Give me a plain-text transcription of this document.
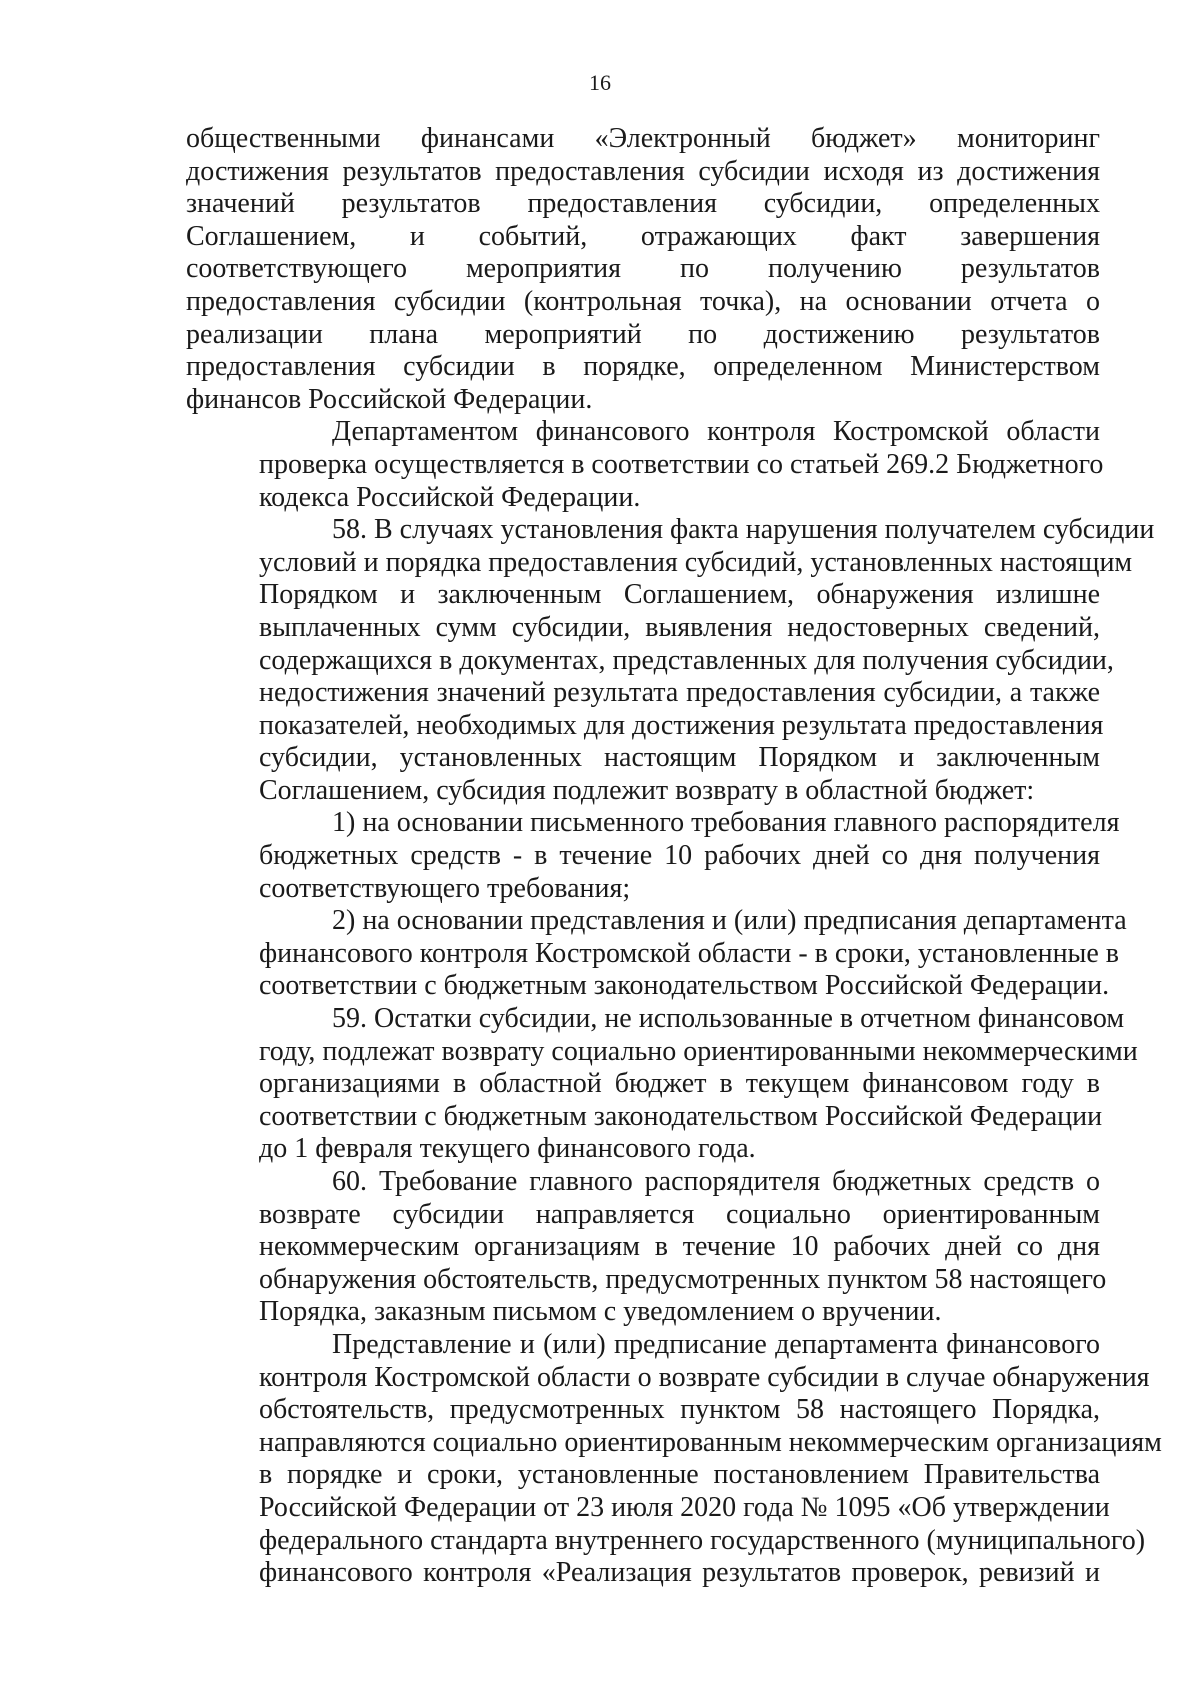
16
общественными финансами «Электронный бюджет» мониторинг
достижения результатов предоставления субсидии исходя из достижения
значений результатов предоставления субсидии, определенных
Соглашением, и событий, отражающих факт завершения
соответствующего мероприятия по получению результатов
предоставления субсидии (контрольная точка), на основании отчета о
реализации плана мероприятий по достижению результатов
предоставления субсидии в порядке, определенном Министерством
финансов Российской Федерации.
Департаментом финансового контроля Костромской области
проверка осуществляется в соответствии со статьей 269.2 Бюджетного
кодекса Российской Федерации.
58. В случаях установления факта нарушения получателем субсидии
условий и порядка предоставления субсидий, установленных настоящим
Порядком и заключенным Соглашением, обнаружения излишне
выплаченных сумм субсидии, выявления недостоверных сведений,
содержащихся в документах, представленных для получения субсидии,
недостижения значений результата предоставления субсидии, а также
показателей, необходимых для достижения результата предоставления
субсидии, установленных настоящим Порядком и заключенным
Соглашением, субсидия подлежит возврату в областной бюджет:
1) на основании письменного требования главного распорядителя
бюджетных средств - в течение 10 рабочих дней со дня получения
соответствующего требования;
2) на основании представления и (или) предписания департамента
финансового контроля Костромской области - в сроки, установленные в
соответствии с бюджетным законодательством Российской Федерации.
59. Остатки субсидии, не использованные в отчетном финансовом
году, подлежат возврату социально ориентированными некоммерческими
организациями в областной бюджет в текущем финансовом году в
соответствии с бюджетным законодательством Российской Федерации
до 1 февраля текущего финансового года.
60. Требование главного распорядителя бюджетных средств о
возврате субсидии направляется социально ориентированным
некоммерческим организациям в течение 10 рабочих дней со дня
обнаружения обстоятельств, предусмотренных пунктом 58 настоящего
Порядка, заказным письмом с уведомлением о вручении.
Представление и (или) предписание департамента финансового
контроля Костромской области о возврате субсидии в случае обнаружения
обстоятельств, предусмотренных пунктом 58 настоящего Порядка,
направляются социально ориентированным некоммерческим организациям
в порядке и сроки, установленные постановлением Правительства
Российской Федерации от 23 июля 2020 года № 1095 «Об утверждении
федерального стандарта внутреннего государственного (муниципального)
финансового контроля «Реализация результатов проверок, ревизий и
